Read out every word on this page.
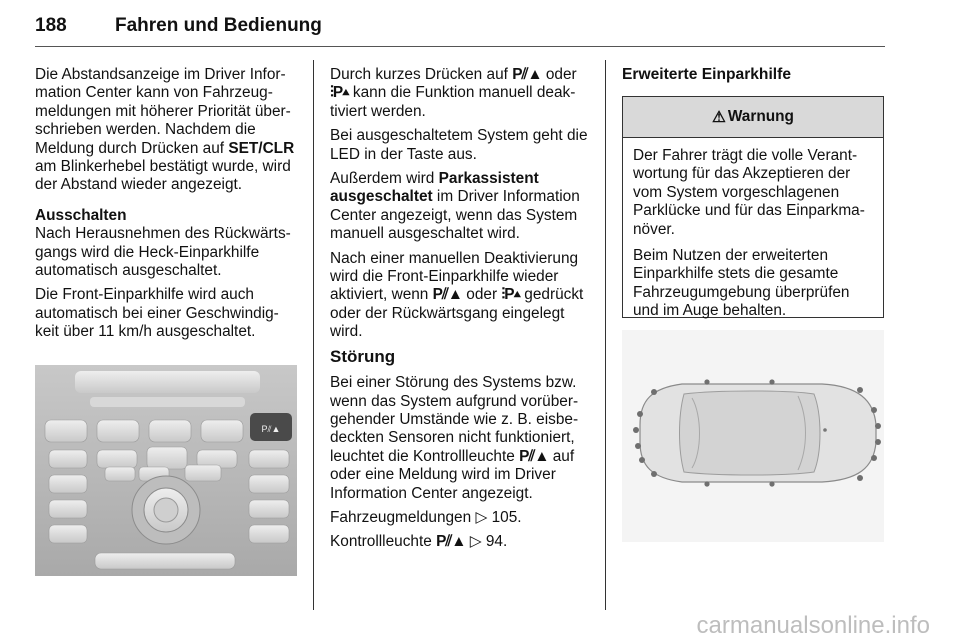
188	Fahren und Bedienung

Die Abstandsanzeige im Driver Infor-mation Center kann von Fahrzeug-meldungen mit höherer Priorität über-schrieben werden. Nachdem die Meldung durch Drücken auf SET/CLR am Blinkerhebel bestätigt wurde, wird der Abstand wieder angezeigt.

Ausschalten

Nach Herausnehmen des Rückwärts-gangs wird die Heck-Einparkhilfe automatisch ausgeschaltet.

Die Front-Einparkhilfe wird auch automatisch bei einer Geschwindig-keit über 11 km/h ausgeschaltet.

P⫽▲

Durch kurzes Drücken auf P⫽▲ oder ⫶P▴ kann die Funktion manuell deak-tiviert werden.

Bei ausgeschaltetem System geht die LED in der Taste aus.

Außerdem wird Parkassistent ausgeschaltet im Driver Information Center angezeigt, wenn das System manuell ausgeschaltet wird.

Nach einer manuellen Deaktivierung wird die Front-Einparkhilfe wieder aktiviert, wenn P⫽▲ oder ⫶P▴ gedrückt oder der Rückwärtsgang eingelegt wird.

Störung

Bei einer Störung des Systems bzw. wenn das System aufgrund vorüber-gehender Umstände wie z. B. eisbe-deckten Sensoren nicht funktioniert, leuchtet die Kontrollleuchte P⫽▲ auf oder eine Meldung wird im Driver Information Center angezeigt.

Fahrzeugmeldungen ▷ 105.

Kontrollleuchte P⫽▲ ▷ 94.

Erweiterte Einparkhilfe
⚠ Warnung

Der Fahrer trägt die volle Verant-wortung für das Akzeptieren der vom System vorgeschlagenen Parklücke und für das Einparkma-növer.

Beim Nutzen der erweiterten Einparkhilfe stets die gesamte Fahrzeugumgebung überprüfen und im Auge behalten.

carmanualsonline.info
